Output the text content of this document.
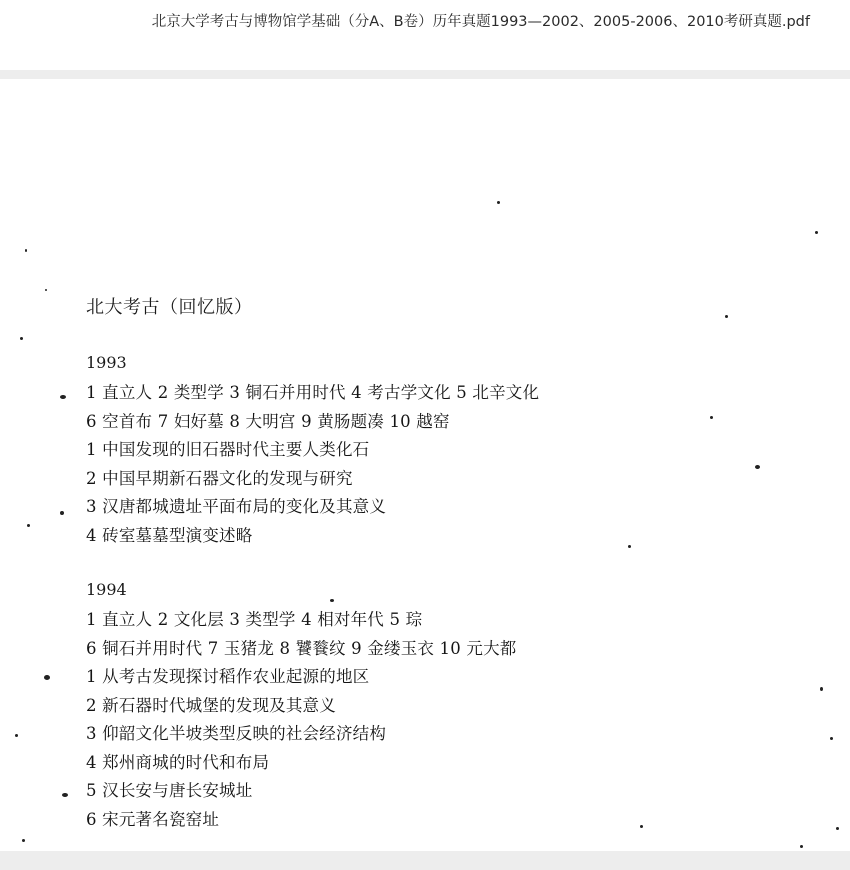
北京大学考古与博物馆学基础（分A、B卷）历年真题1993—2002、2005-2006、2010考研真题.pdf
北大考古（回忆版）
1993
1 直立人 2 类型学 3 铜石并用时代 4 考古学文化 5 北辛文化
6 空首布 7 妇好墓 8 大明宫 9 黄肠题凑 10 越窑
1 中国发现的旧石器时代主要人类化石
2 中国早期新石器文化的发现与研究
3 汉唐都城遗址平面布局的变化及其意义
4 砖室墓墓型演变述略
1994
1 直立人 2 文化层 3 类型学 4 相对年代 5 琮
6 铜石并用时代 7 玉猪龙 8 饕餮纹 9 金缕玉衣 10 元大都
1 从考古发现探讨稻作农业起源的地区
2 新石器时代城堡的发现及其意义
3 仰韶文化半坡类型反映的社会经济结构
4 郑州商城的时代和布局
5 汉长安与唐长安城址
6 宋元著名瓷窑址
